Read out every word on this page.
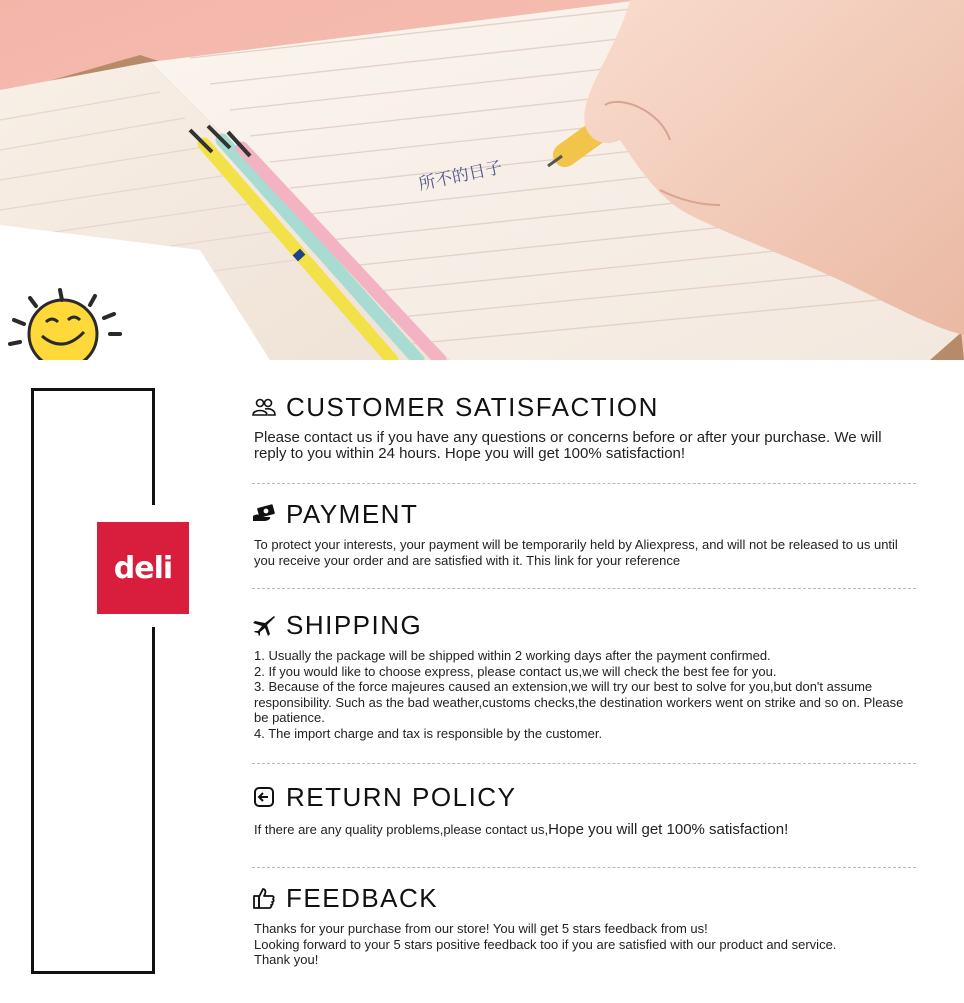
所不的日子
deli
CUSTOMER SATISFACTION

Please contact us if you have any questions or concerns before or after your purchase. We will reply to you within 24 hours. Hope you will get 100% satisfaction!

PAYMENT

To protect your interests, your payment will be temporarily held by Aliexpress, and will not be released to us until you receive your order and are satisfied with it. This link for your reference

SHIPPING

1. Usually the package will be shipped within 2 working days after the payment confirmed.

2. If you would like to choose express, please contact us,we will check the best fee for you.

3. Because of the force majeures caused an extension,we will try our best to solve for you,but don't assume responsibility. Such as the bad weather,customs checks,the destination workers went on strike and so on. Please be patience.

4. The import charge and tax is responsible by the customer.

RETURN POLICY
If there are any quality problems,please contact us,Hope you will get 100% satisfaction!
FEEDBACK

Thanks for your purchase from our store! You will get 5 stars feedback from us!

Looking forward to your 5 stars positive feedback too if you are satisfied with our product and service.

Thank you!
